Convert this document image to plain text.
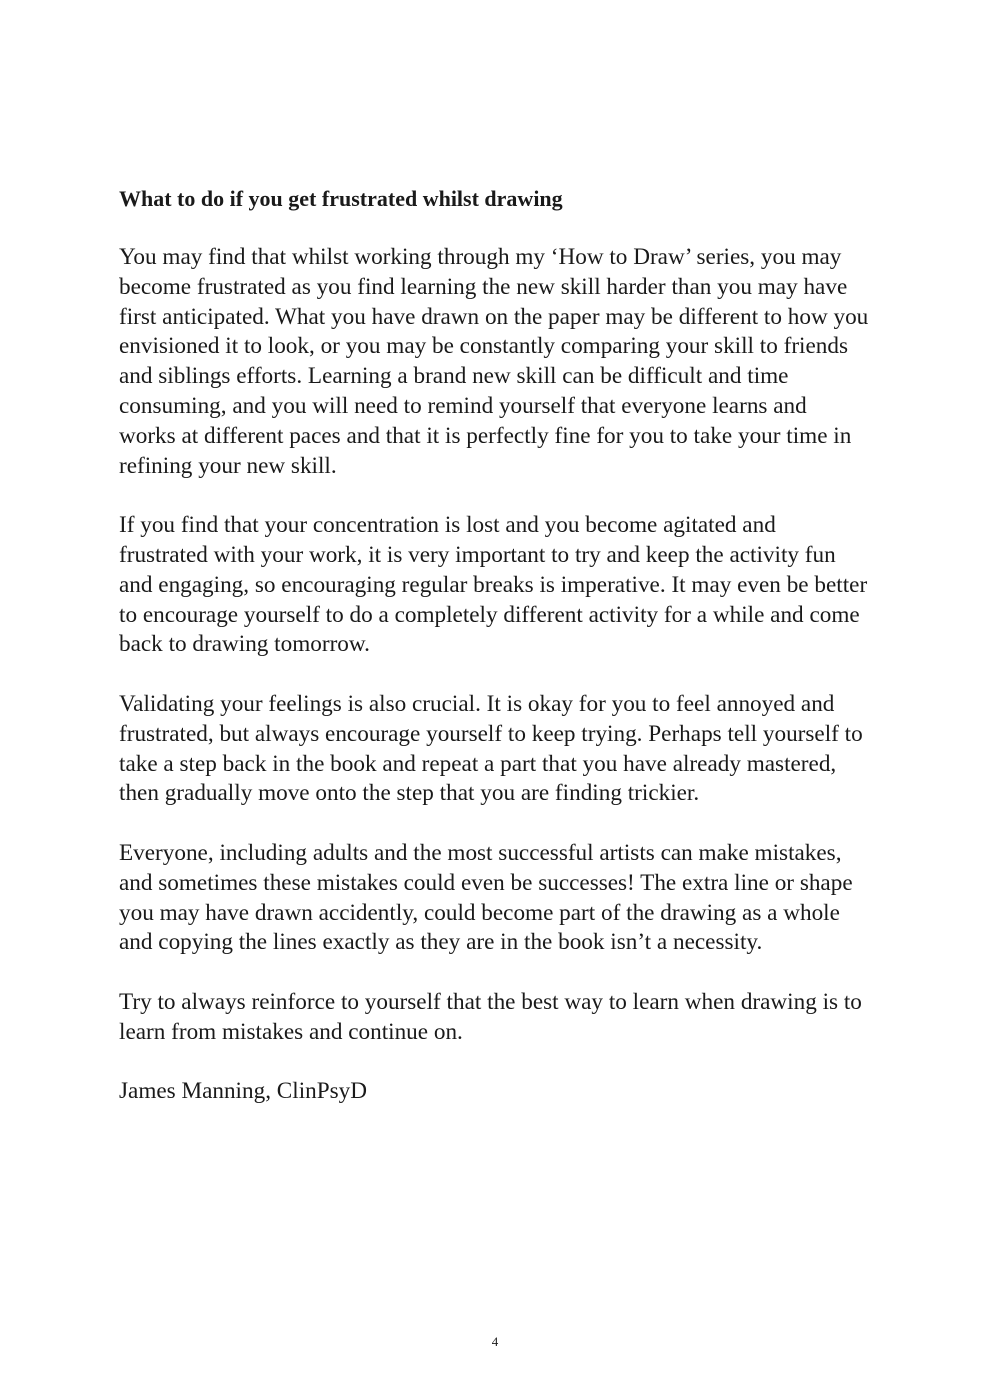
What to do if you get frustrated whilst drawing

You may find that whilst working through my ‘How to Draw’ series, you may become frustrated as you find learning the new skill harder than you may have first anticipated. What you have drawn on the paper may be different to how you envisioned it to look, or you may be constantly comparing your skill to friends and siblings efforts. Learning a brand new skill can be difficult and time consuming, and you will need to remind yourself that everyone learns and works at different paces and that it is perfectly fine for you to take your time in refining your new skill.

If you find that your concentration is lost and you become agitated and frustrated with your work, it is very important to try and keep the activity fun and engaging, so encouraging regular breaks is imperative. It may even be better to encourage yourself to do a completely different activity for a while and come back to drawing tomorrow.

Validating your feelings is also crucial. It is okay for you to feel annoyed and frustrated, but always encourage yourself to keep trying. Perhaps tell yourself to take a step back in the book and repeat a part that you have already mastered, then gradually move onto the step that you are finding trickier.

Everyone, including adults and the most successful artists can make mistakes, and sometimes these mistakes could even be successes! The extra line or shape you may have drawn accidently, could become part of the drawing as a whole and copying the lines exactly as they are in the book isn’t a necessity.

Try to always reinforce to yourself that the best way to learn when drawing is to learn from mistakes and continue on.

James Manning, ClinPsyD

4
